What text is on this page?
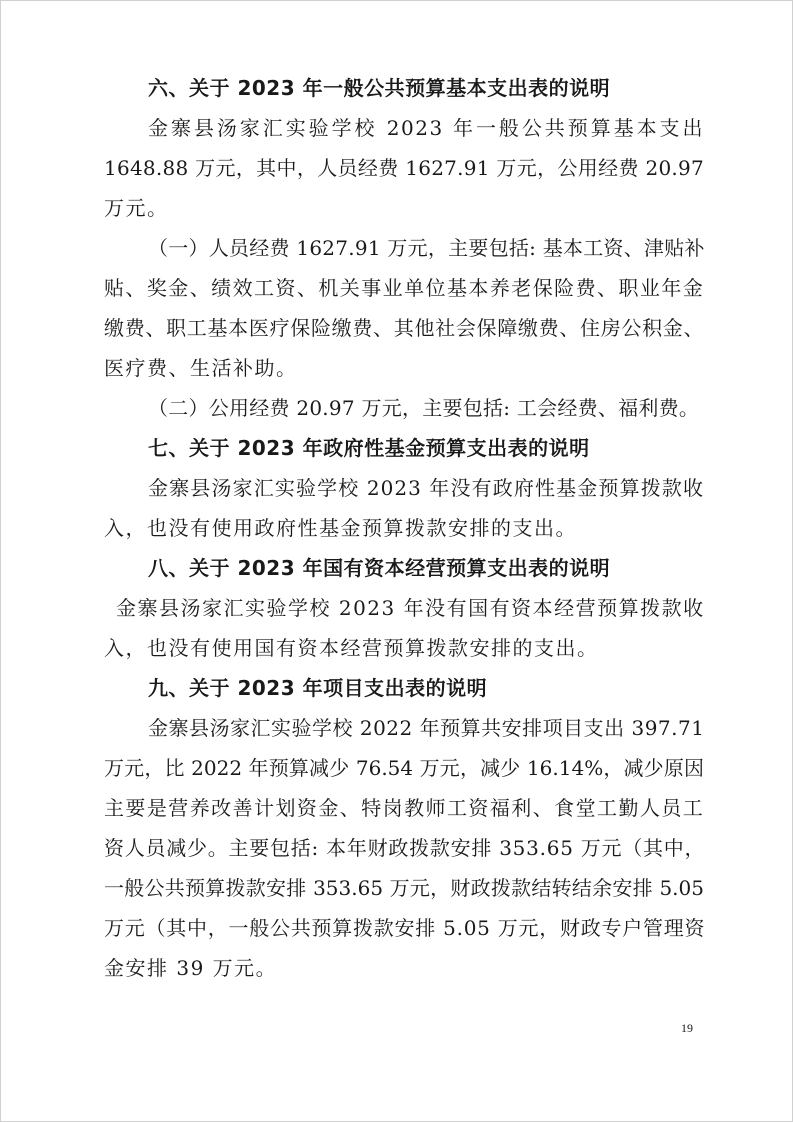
六、关于 2023 年一般公共预算基本支出表的说明

金寨县汤家汇实验学校 2023 年一般公共预算基本支出
1648.88 万元，其中，人员经费 1627.91 万元，公用经费 20.97
万元。

（一）人员经费 1627.91 万元，主要包括: 基本工资、津贴补
贴、奖金、绩效工资、机关事业单位基本养老保险费、职业年金
缴费、职工基本医疗保险缴费、其他社会保障缴费、住房公积金、
医疗费、生活补助。

（二）公用经费 20.97 万元，主要包括: 工会经费、福利费。

七、关于 2023 年政府性基金预算支出表的说明

金寨县汤家汇实验学校 2023 年没有政府性基金预算拨款收
入，也没有使用政府性基金预算拨款安排的支出。

八、关于 2023 年国有资本经营预算支出表的说明

金寨县汤家汇实验学校 2023 年没有国有资本经营预算拨款收
入，也没有使用国有资本经营预算拨款安排的支出。

九、关于 2023 年项目支出表的说明

金寨县汤家汇实验学校 2022 年预算共安排项目支出 397.71
万元，比 2022 年预算减少 76.54 万元，减少 16.14%，减少原因
主要是营养改善计划资金、特岗教师工资福利、食堂工勤人员工
资人员减少。主要包括: 本年财政拨款安排 353.65 万元（其中，
一般公共预算拨款安排 353.65 万元，财政拨款结转结余安排 5.05
万元（其中，一般公共预算拨款安排 5.05 万元，财政专户管理资
金安排 39 万元。

19
